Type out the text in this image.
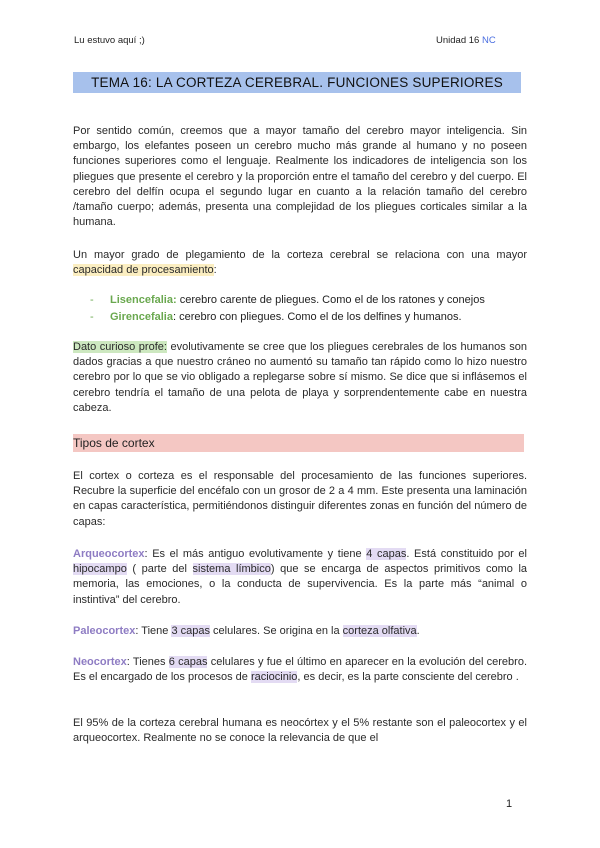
Lu estuvo aquí ;)	Unidad 16 NC
TEMA 16: LA CORTEZA CEREBRAL. FUNCIONES SUPERIORES
Por sentido común, creemos que a mayor tamaño del cerebro mayor inteligencia. Sin embargo, los elefantes poseen un cerebro mucho más grande al humano y no poseen funciones superiores como el lenguaje. Realmente los indicadores de inteligencia son los pliegues que presente el cerebro y la proporción entre el tamaño del cerebro y del cuerpo. El cerebro del delfín ocupa el segundo lugar en cuanto a la relación tamaño del cerebro /tamaño cuerpo; además, presenta una complejidad de los pliegues corticales similar a la humana.
Un mayor grado de plegamiento de la corteza cerebral se relaciona con una mayor capacidad de procesamiento:
- Lisencefalia: cerebro carente de pliegues. Como el de los ratones y conejos
- Girencefalia: cerebro con pliegues. Como el de los delfines y humanos.
Dato curioso profe: evolutivamente se cree que los pliegues cerebrales de los humanos son dados gracias a que nuestro cráneo no aumentó su tamaño tan rápido como lo hizo nuestro cerebro por lo que se vio obligado a replegarse sobre sí mismo. Se dice que si inflásemos el cerebro tendría el tamaño de una pelota de playa y sorprendentemente cabe en nuestra cabeza.
Tipos de cortex
El cortex o corteza es el responsable del procesamiento de las funciones superiores. Recubre la superficie del encéfalo con un grosor de 2 a 4 mm. Este presenta una laminación en capas característica, permitiéndonos distinguir diferentes zonas en función del número de capas:
Arqueocortex: Es el más antiguo evolutivamente y tiene 4 capas. Está constituido por el hipocampo ( parte del sistema límbico) que se encarga de aspectos primitivos como la memoria, las emociones, o la conducta de supervivencia. Es la parte más “animal o instintiva” del cerebro.
Paleocortex: Tiene 3 capas celulares. Se origina en la corteza olfativa.
Neocortex: Tienes 6 capas celulares y fue el último en aparecer en la evolución del cerebro. Es el encargado de los procesos de raciocinio, es decir, es la parte consciente del cerebro .
El 95% de la corteza cerebral humana es neocórtex y el 5% restante son el paleocortex y el arqueocortex. Realmente no se conoce la relevancia de que el
1
